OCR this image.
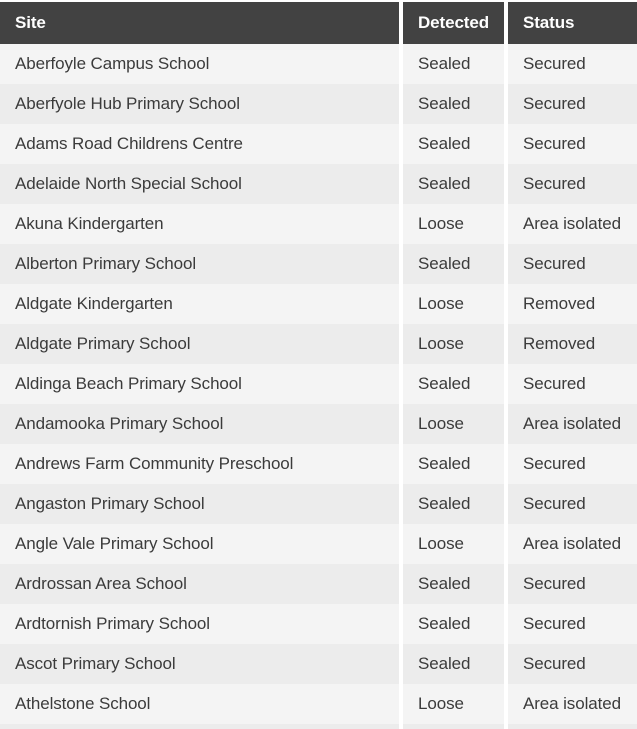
Site	Detected	Status
Aberfoyle Campus School	Sealed	Secured
Aberfyole Hub Primary School	Sealed	Secured
Adams Road Childrens Centre	Sealed	Secured
Adelaide North Special School	Sealed	Secured
Akuna Kindergarten	Loose	Area isolated
Alberton Primary School	Sealed	Secured
Aldgate Kindergarten	Loose	Removed
Aldgate Primary School	Loose	Removed
Aldinga Beach Primary School	Sealed	Secured
Andamooka Primary School	Loose	Area isolated
Andrews Farm Community Preschool	Sealed	Secured
Angaston Primary School	Sealed	Secured
Angle Vale Primary School	Loose	Area isolated
Ardrossan Area School	Sealed	Secured
Ardtornish Primary School	Sealed	Secured
Ascot Primary School	Sealed	Secured
Athelstone School	Loose	Area isolated
